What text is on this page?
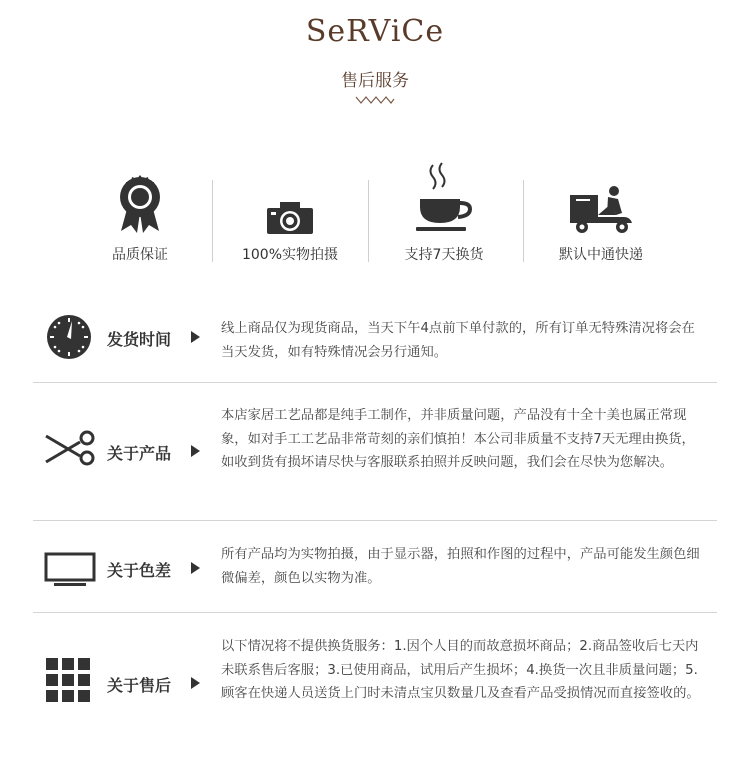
SeRViCe
售后服务
品质保证	100%实物拍摄	支持7天换货	默认中通快递
发货时间
线上商品仅为现货商品，当天下午4点前下单付款的，所有订单无特殊清况将会在当天发货，如有特殊情况会另行通知。
关于产品
本店家居工艺品都是纯手工制作，并非质量问题，产品没有十全十美也属正常现象，如对手工工艺品非常苛刻的亲们慎拍！本公司非质量不支持7天无理由换货，如收到货有损坏请尽快与客服联系拍照并反映问题，我们会在尽快为您解决。
关于色差
所有产品均为实物拍摄，由于显示器，拍照和作图的过程中，产品可能发生颜色细微偏差，颜色以实物为准。
关于售后
以下情况将不提供换货服务：1.因个人目的而故意损坏商品；2.商品签收后七天内未联系售后客服；3.已使用商品，试用后产生损坏；4.换货一次且非质量问题；5.顾客在快递人员送货上门时未清点宝贝数量几及查看产品受损情况而直接签收的。
